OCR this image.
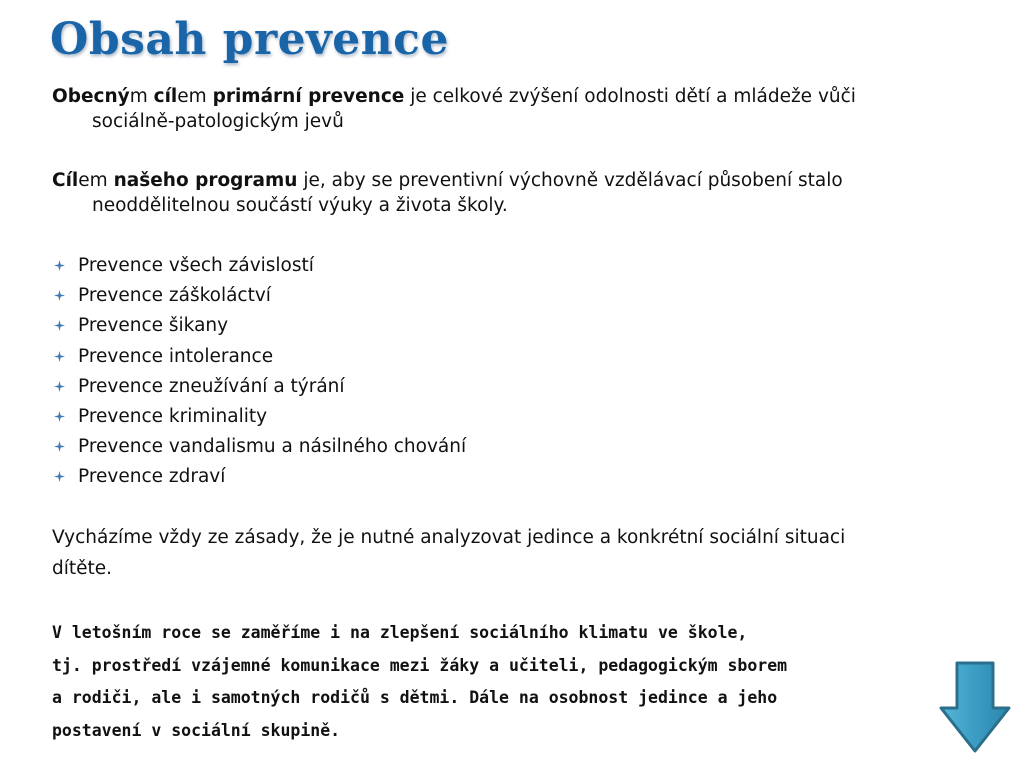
Obsah prevence
Obecným cílem primární prevence je celkové zvýšení odolnosti dětí a mládeže vůči
sociálně-patologickým jevů
Cílem našeho programu je, aby se preventivní výchovně vzdělávací působení stalo
neoddělitelnou součástí výuky a života školy.
Prevence všech závislostí
Prevence záškoláctví
Prevence šikany
Prevence intolerance
Prevence zneužívání a týrání
Prevence kriminality
Prevence vandalismu a násilného chování
Prevence zdraví
Vycházíme vždy ze zásady, že je nutné analyzovat jedince a konkrétní sociální situaci
dítěte.
V letošním roce se zaměříme i na zlepšení sociálního klimatu ve škole,
tj. prostředí vzájemné komunikace mezi žáky a učiteli, pedagogickým sborem
a rodiči, ale i samotných rodičů s dětmi. Dále na osobnost jedince a jeho
postavení v sociální skupině.
